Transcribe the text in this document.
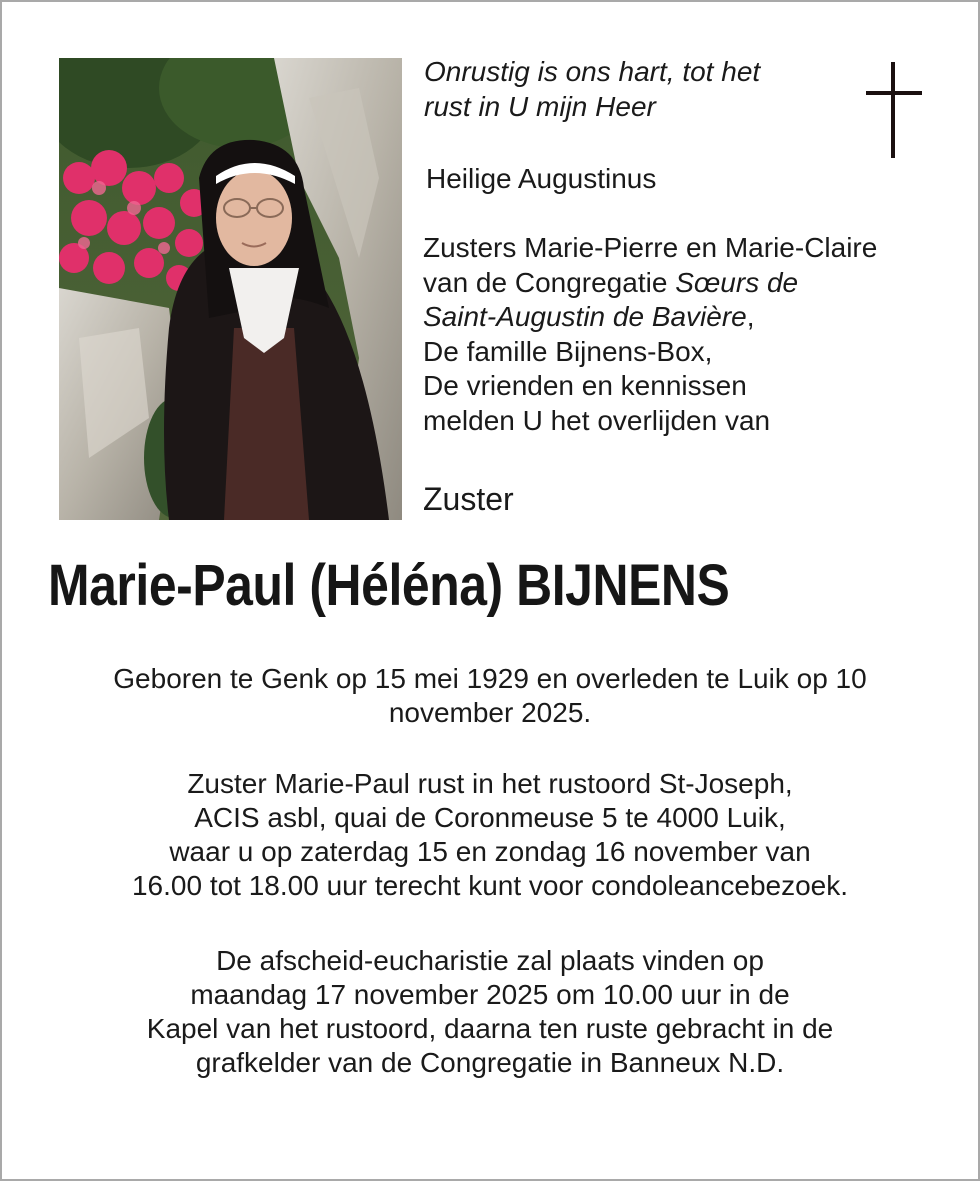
Onrustig is ons hart, tot het
rust in U mijn Heer
Heilige Augustinus
Zusters Marie-Pierre en Marie-Claire
van de Congregatie Sœurs de
Saint-Augustin de Bavière,
De famille Bijnens-Box,
De vrienden en kennissen
melden U het overlijden van
Zuster
Marie-Paul (Héléna) BIJNENS
Geboren te Genk op 15 mei 1929 en overleden te Luik op 10
november 2025.
Zuster Marie-Paul rust in het rustoord St-Joseph,
ACIS asbl, quai de Coronmeuse 5 te 4000 Luik,
waar u op zaterdag 15 en zondag 16 november van
16.00 tot 18.00 uur terecht kunt voor condoleancebezoek.
De afscheid-eucharistie zal plaats vinden op
maandag 17 november 2025 om 10.00 uur in de
Kapel van het rustoord, daarna ten ruste gebracht in de
grafkelder van de Congregatie in Banneux N.D.
